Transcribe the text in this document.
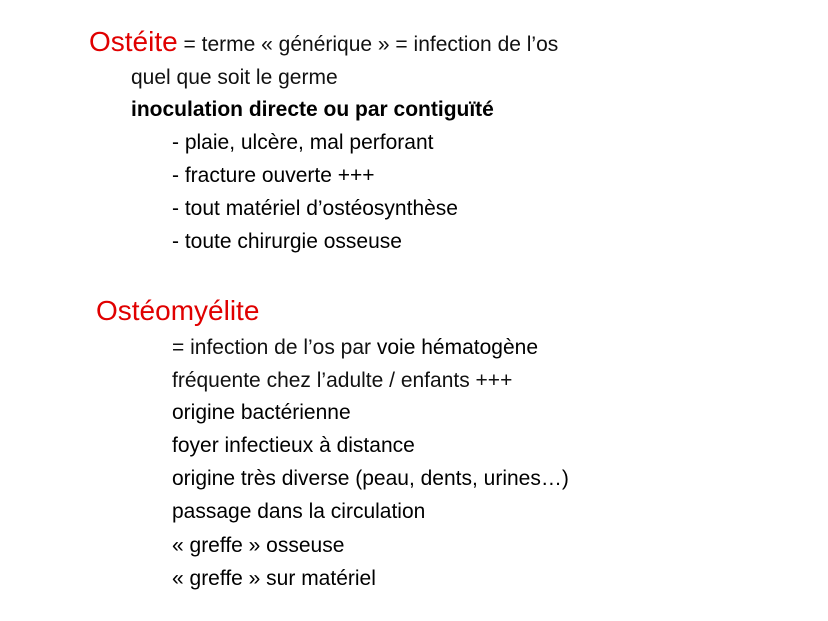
Ostéite = terme « générique » = infection de l’os
quel que soit le germe
inoculation directe ou par contiguïté
- plaie, ulcère, mal perforant
- fracture ouverte +++
- tout matériel d’ostéosynthèse
- toute chirurgie osseuse
Ostéomyélite
= infection de l’os par voie hématogène
fréquente chez l’adulte / enfants +++
origine bactérienne
foyer infectieux à distance
origine très diverse (peau, dents, urines…)
passage dans la circulation
« greffe » osseuse
« greffe » sur matériel
